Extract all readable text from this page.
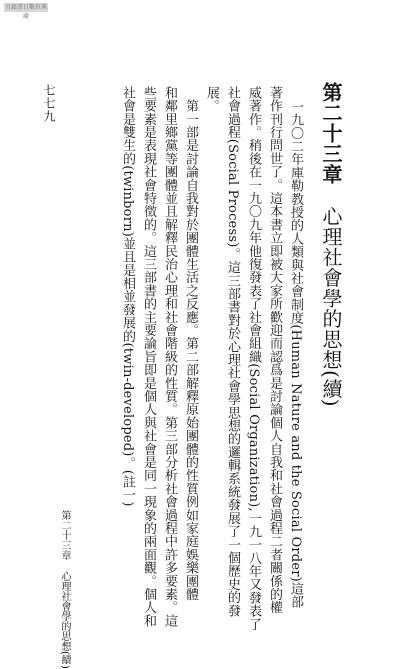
古籍書目數位典藏
七七九	第二十三章 心理社會學的思想(續)
一九〇二年庫勒教授的人類與社會制度(Human Nature and the Social Order)這部
著作刊行問世了。這本書立即被大家所歡迎而認爲是討論個人自我和社會過程二者關係的權
威著作。稍後在一九〇九年他復發表了社會組織(Social Organization),一九一八年又發表了
社會過程(Social Process)。這三部書對於心理社會學思想的邏輯系統發展了一個歷史的發
展。
　第一部是討論自我對於團體生活之反應。第二部解釋原始團體的性質例如家庭娛樂團體
和鄰里鄉黨等團體並且解釋民治心理和社會階級的性質。第三部分析社會過程中許多要素。這
些要素是表現社會特徵的。這三部書的主要論旨即是個人與社會是同一現象的兩面觀。個人和
社會是雙生的(twinborn)並且是相並發展的(twin-developed)。(註一)
第二十三章 心理社會學的思想(續)
